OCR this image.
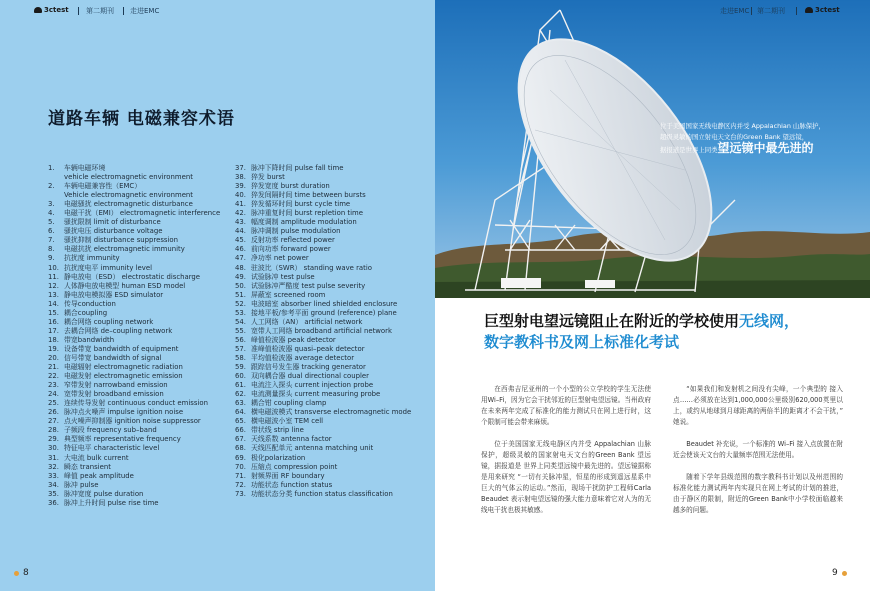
3ctest 第二期刊 走进EMC
道路车辆 电磁兼容术语
1.	车辆电磁环境
vehicle electromagnetic environment
2.	车辆电磁兼容性（EMC）
Vehicle electromagnetic environment
3.	电磁骚扰 electromagnetic disturbance
4.	电磁干扰（EMI） electromagnetic interference
5.	骚扰限制 limit of disturbance
6.	骚扰电压 disturbance voltage
7.	骚扰抑制 disturbance suppression
8.	电磁抗扰 electromagnetic immunity
9.	抗扰度 immunity
10. 抗扰度电平 immunity level
11. 静电放电（ESD） electrostatic discharge
12. 人体静电放电模型 human ESD model
13. 静电放电模拟器 ESD simulator
14. 传导conduction
15. 耦合coupling
16. 耦合网络 coupling network
17. 去耦合网络 de–coupling network
18. 带宽bandwidth
19. 设备带宽 bandwidth of equipment
20. 信号带宽 bandwidth of signal
21. 电磁辐射 electromagnetic radiation
22. 电磁发射 electromagnetic emission
23. 窄带发射 narrowband emission
24. 宽带发射 broadband emission
25. 连续传导发射 continuous conduct emission
26. 脉冲点火噪声 impulse ignition noise
27. 点火噪声抑制器 ignition noise suppressor
28. 子频段 frequency sub–band
29. 典型频率 representative frequency
30. 特征电平 characteristic level
31. 大电流 bulk current
32. 瞬态 transient
33. 峰值 peak amplitude
34. 脉冲 pulse
35. 脉冲宽度 pulse duration
36. 脉冲上升时间 pulse rise time
37. 脉冲下降时间 pulse fall time
38. 猝发 burst
39. 猝发宽度 burst duration
40. 猝发间隔时间 time between bursts
41. 猝发循环时间 burst cycle time
42. 脉冲重复时间 burst repletion time
43. 幅度调制 amplitude modulation
44. 脉冲调制 pulse modulation
45. 反射功率 reflected power
46. 前向功率 forward power
47. 净功率 net power
48. 驻波比（SWR） standing wave ratio
49. 试验脉冲 test pulse
50. 试验脉冲严酷度 test pulse severity
51. 屏蔽室 screened room
52. 电波暗室 absorber lined shielded enclosure
53. 接地平板/参考平面 ground (reference) plane
54. 人工网络（AN） artificial network
55. 宽带人工网络 broadband artificial network
56. 峰值检波器 peak detector
57. 准峰值检波器 quasi–peak detector
58. 平均值检波器 average detector
59. 跟踪信号发生器 tracking generator
60. 双向耦合器 dual directional coupler
61. 电流注入探头 current injection probe
62. 电流测量探头 current measuring probe
63. 耦合钳 coupling clamp
64. 横电磁波模式 transverse electromagnetic mode
65. 横电磁波小室 TEM cell
66. 带状线 strip line
67. 天线系数 antenna factor
68. 天线匹配单元 antenna matching unit
69. 极化polarization
70. 压缩点 compression point
71. 射频界面 RF boundary
72. 功能状态 function status
73. 功能状态分类 function status classification
8
走进EMC 第二期刊	3ctest
位于美国国家无线电静区内并受 Appalachian 山脉保护，
超级灵敏的国立射电天文台的Green Bank 望远镜，
据报道是世界上同类望远镜中最先进的
巨型射电望远镜阻止在附近的学校使用无线网，
数字教科书及网上标准化考试

在西弗吉尼亚州的一个小型的公立学校的学生无法使用Wi–Fi，因为它会干扰邻近的巨型射电望远镜。当州政府在未来两年完成了标准化的能力测试只在网上进行时，这个限制可能会带来麻烦。

位于美国国家无线电静区内并受 Appalachian 山脉保护，超级灵敏的国家射电天文台的Green Bank 望远镜，据报道是 世界上同类望远镜中最先进的。望远镜据称是用来研究 “一切有关脉冲星，恒星的形成到遥远星系中巨大的气体云的运动。”然而，现场干扰防护工程师Carla Beaudet 表示射电望远镜的强大能力意味着它对人为的无线电干扰也极其敏感。

“如果我们和发射机之间没有尖峰，一个典型的 接入点……必须放在达到1,000,000公里级别620,000英里以上，或约从地球到月球距离的两倍半]的距离才不会干扰，” 她说。

Beaudet 补充说，一个标准的 Wi–Fi 接入点放置在附近会使该天文台的大量频率范围无法使用。

随着下学年县级范围的数字教科书计划以及州范围的标准化能力测试两年内实现只在网上考试的计划的推进，由于静区的限制，附近的Green Bank中小学校面临越来越多的问题。

9
